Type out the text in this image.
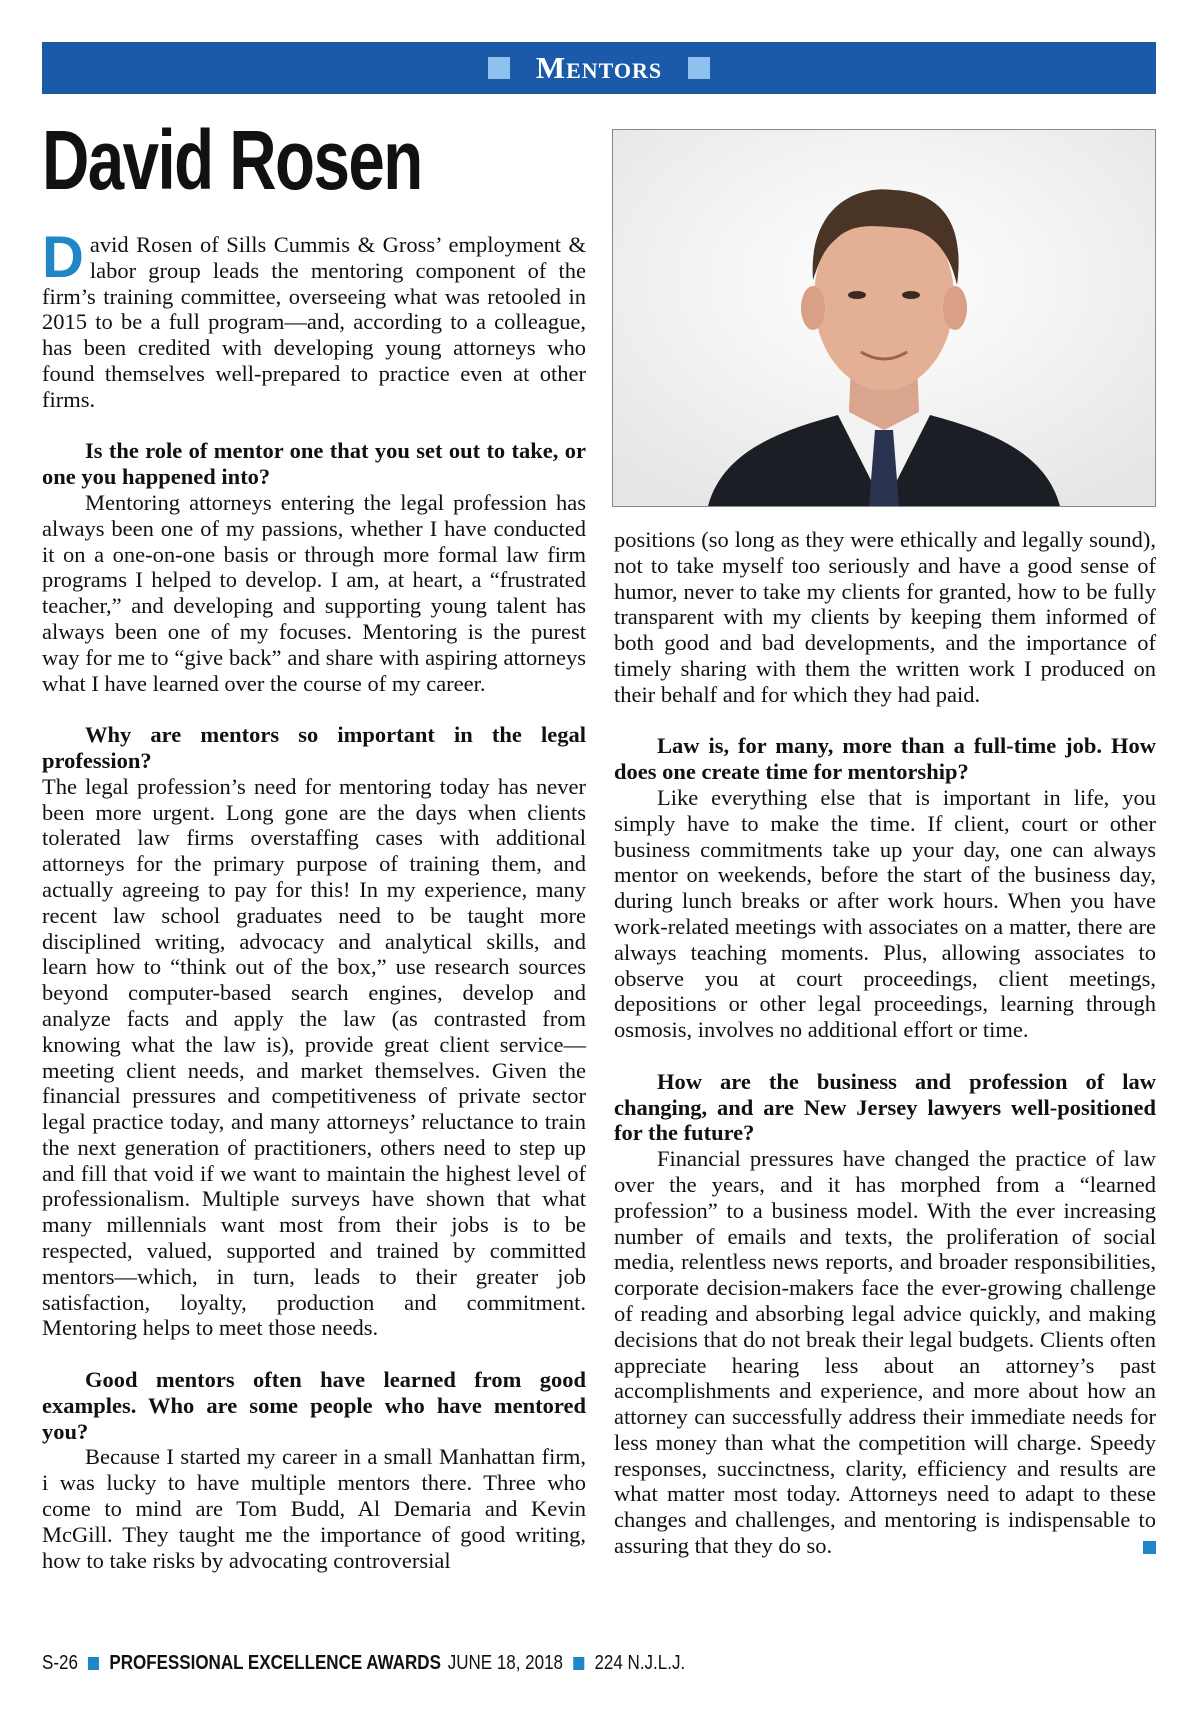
Mentors
David Rosen

D avid Rosen of Sills Cummis & Gross’ employment & labor group leads the mentoring component of the firm’s training committee, overseeing what was retooled in 2015 to be a full program—and, according to a colleague, has been credited with developing young attorneys who found themselves well-prepared to practice even at other firms.

Is the role of mentor one that you set out to take, or one you happened into?

Mentoring attorneys entering the legal profession has always been one of my passions, whether I have conducted it on a one-on-one basis or through more formal law firm programs I helped to develop. I am, at heart, a “frustrated teacher,” and developing and supporting young talent has always been one of my focuses. Mentoring is the purest way for me to “give back” and share with aspiring attorneys what I have learned over the course of my career.

Why are mentors so important in the legal profession?

The legal profession’s need for mentoring today has never been more urgent. Long gone are the days when clients tolerated law firms overstaffing cases with additional attorneys for the primary purpose of training them, and actually agreeing to pay for this! In my experience, many recent law school graduates need to be taught more disciplined writing, advocacy and analytical skills, and learn how to “think out of the box,” use research sources beyond computer-based search engines, develop and analyze facts and apply the law (as contrasted from knowing what the law is), provide great client service—meeting client needs, and market themselves. Given the financial pressures and competitiveness of private sector legal practice today, and many attorneys’ reluctance to train the next generation of practitioners, others need to step up and fill that void if we want to maintain the highest level of professionalism. Multiple surveys have shown that what many millennials want most from their jobs is to be respected, valued, supported and trained by committed mentors—which, in turn, leads to their greater job satisfaction, loyalty, production and commitment. Mentoring helps to meet those needs.

Good mentors often have learned from good examples. Who are some people who have mentored you?

Because I started my career in a small Manhattan firm, i was lucky to have multiple mentors there. Three who come to mind are Tom Budd, Al Demaria and Kevin McGill. They taught me the importance of good writing, how to take risks by advocating controversial

positions (so long as they were ethically and legally sound), not to take myself too seriously and have a good sense of humor, never to take my clients for granted, how to be fully transparent with my clients by keeping them informed of both good and bad developments, and the importance of timely sharing with them the written work I produced on their behalf and for which they had paid.

Law is, for many, more than a full-time job. How does one create time for mentorship?

Like everything else that is important in life, you simply have to make the time. If client, court or other business commitments take up your day, one can always mentor on weekends, before the start of the business day, during lunch breaks or after work hours. When you have work-related meetings with associates on a matter, there are always teaching moments. Plus, allowing associates to observe you at court proceedings, client meetings, depositions or other legal proceedings, learning through osmosis, involves no additional effort or time.

How are the business and profession of law changing, and are New Jersey lawyers well-positioned for the future?

Financial pressures have changed the practice of law over the years, and it has morphed from a “learned profession” to a business model. With the ever increasing number of emails and texts, the proliferation of social media, relentless news reports, and broader responsibilities, corporate decision-makers face the ever-growing challenge of reading and absorbing legal advice quickly, and making decisions that do not break their legal budgets. Clients often appreciate hearing less about an attorney’s past accomplishments and experience, and more about how an attorney can successfully address their immediate needs for less money than what the competition will charge. Speedy responses, succinctness, clarity, efficiency and results are what matter most today. Attorneys need to adapt to these changes and challenges, and mentoring is indispensable to assuring that they do so.

S-26 PROFESSIONAL EXCELLENCE AWARDS JUNE 18, 2018 224 N.J.L.J.
